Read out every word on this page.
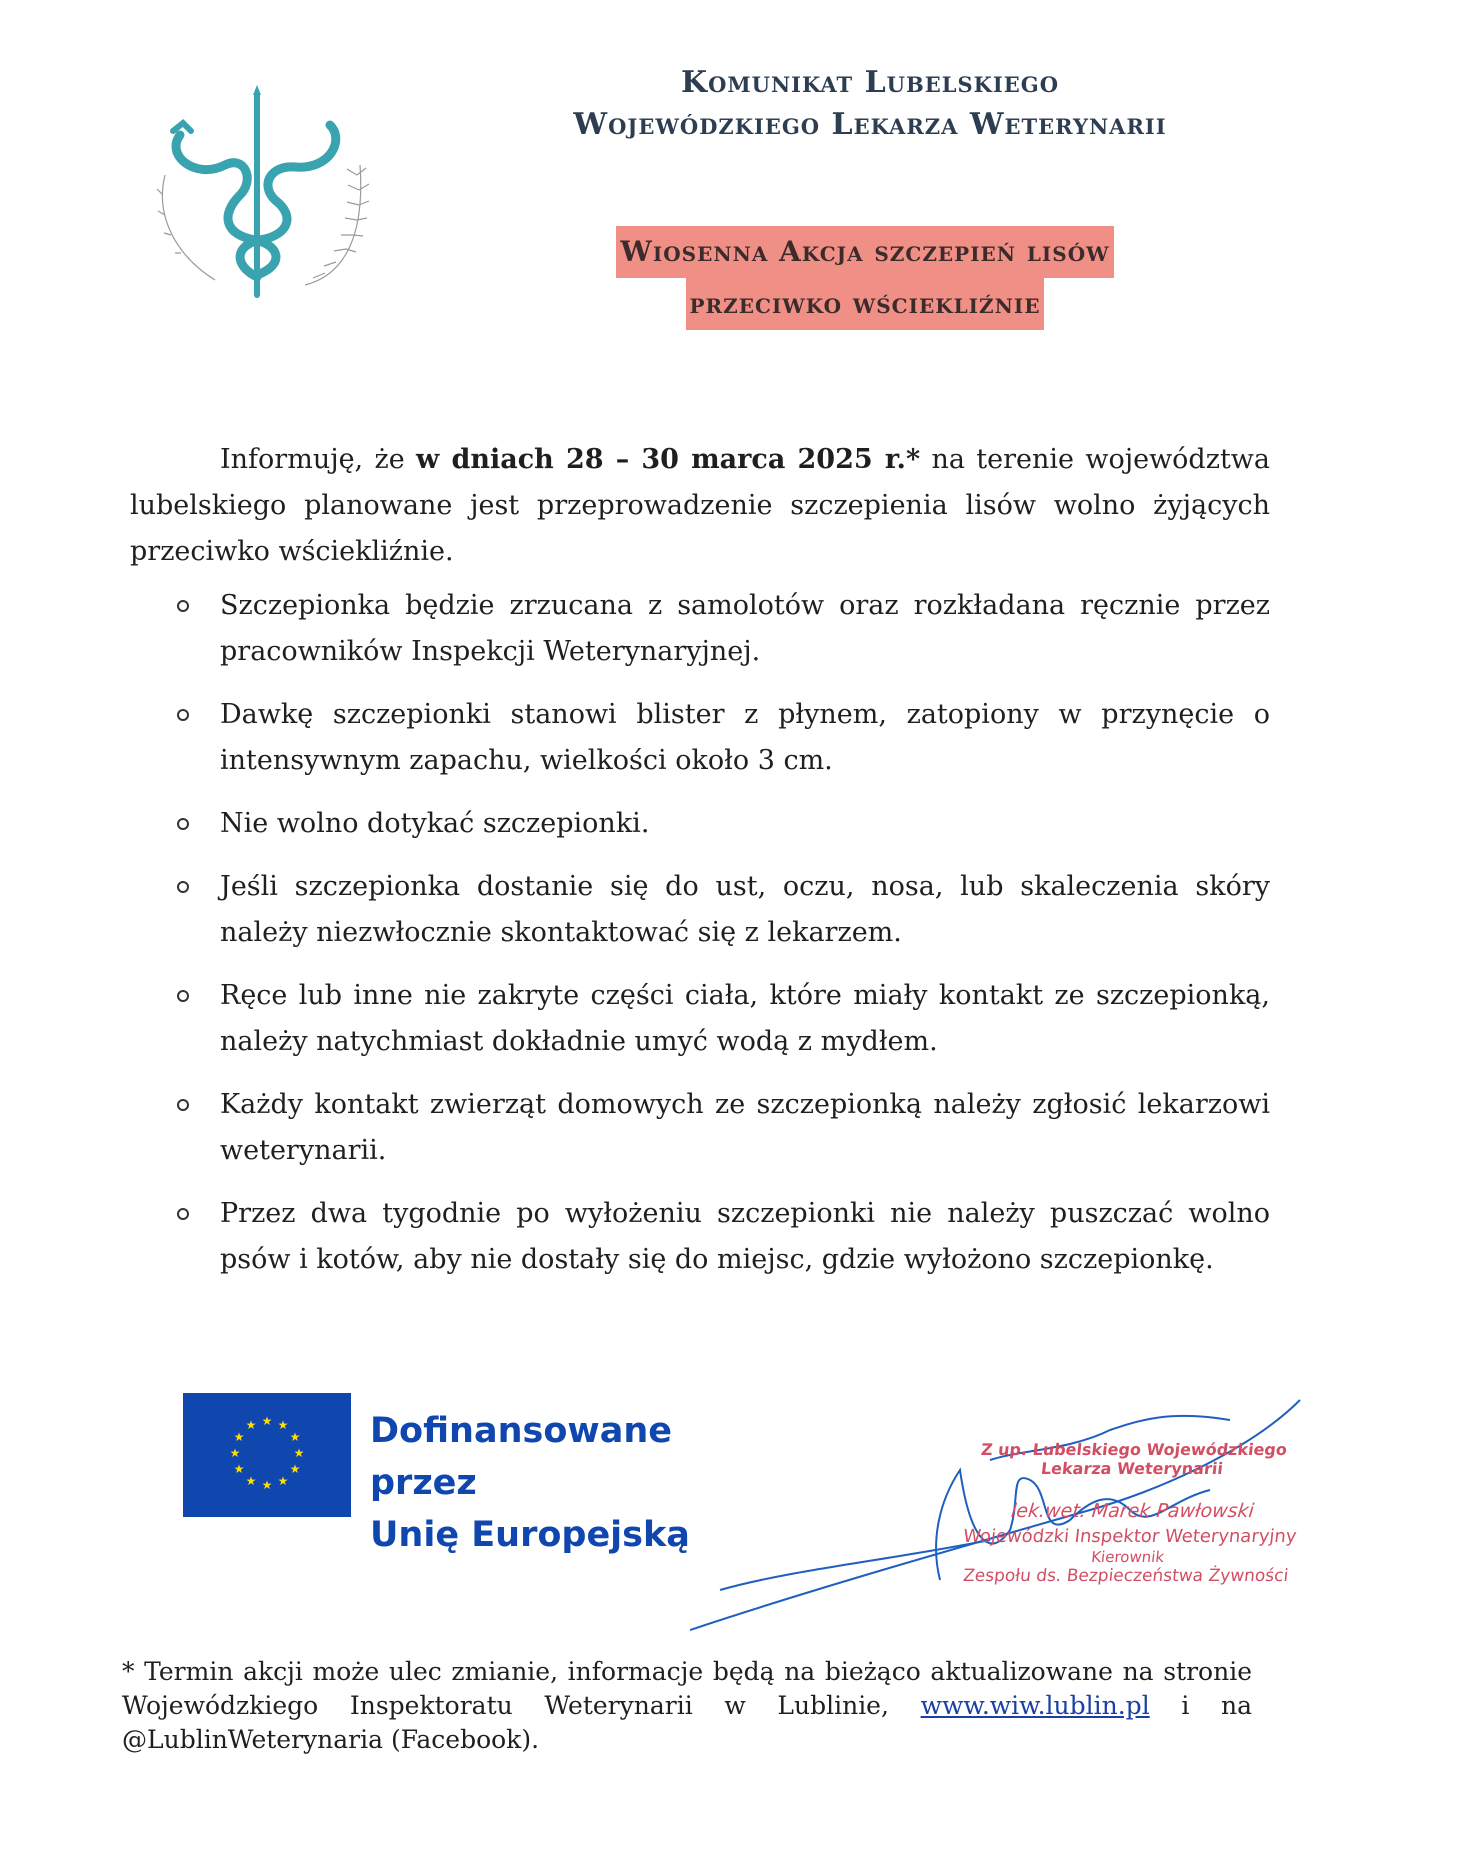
Komunikat Lubelskiego
Wojewódzkiego Lekarza Weterynarii
Wiosenna Akcja szczepień lisów
przeciwko wściekliźnie

Informuję, że w dniach 28 – 30 marca 2025 r.* na terenie województwa lubelskiego planowane jest przeprowadzenie szczepienia lisów wolno żyjących przeciwko wściekliźnie.

Szczepionka będzie zrzucana z samolotów oraz rozkładana ręcznie przez pracowników Inspekcji Weterynaryjnej.
Dawkę szczepionki stanowi blister z płynem, zatopiony w przynęcie o intensywnym zapachu, wielkości około 3 cm.
Nie wolno dotykać szczepionki.
Jeśli szczepionka dostanie się do ust, oczu, nosa, lub skaleczenia skóry należy niezwłocznie skontaktować się z lekarzem.
Ręce lub inne nie zakryte części ciała, które miały kontakt ze szczepionką, należy natychmiast dokładnie umyć wodą z mydłem.
Każdy kontakt zwierząt domowych ze szczepionką należy zgłosić lekarzowi weterynarii.
Przez dwa tygodnie po wyłożeniu szczepionki nie należy puszczać wolno psów i kotów, aby nie dostały się do miejsc, gdzie wyłożono szczepionkę.
★ ★
★
★
★
★
★
★
★
★
★
★	Dofinansowane przez
Unię Europejską
Z up. Lubelskiego Wojewódzkiego Lekarza Weterynarii
lek.wet. Marek Pawłowski
Wojewódzki Inspektor Weterynaryjny
Kierownik
Zespołu ds. Bezpieczeństwa Żywności
* Termin akcji może ulec zmianie, informacje będą na bieżąco aktualizowane na stronie Wojewódzkiego Inspektoratu Weterynarii w Lublinie, www.wiw.lublin.pl i na @LublinWeterynaria (Facebook).
